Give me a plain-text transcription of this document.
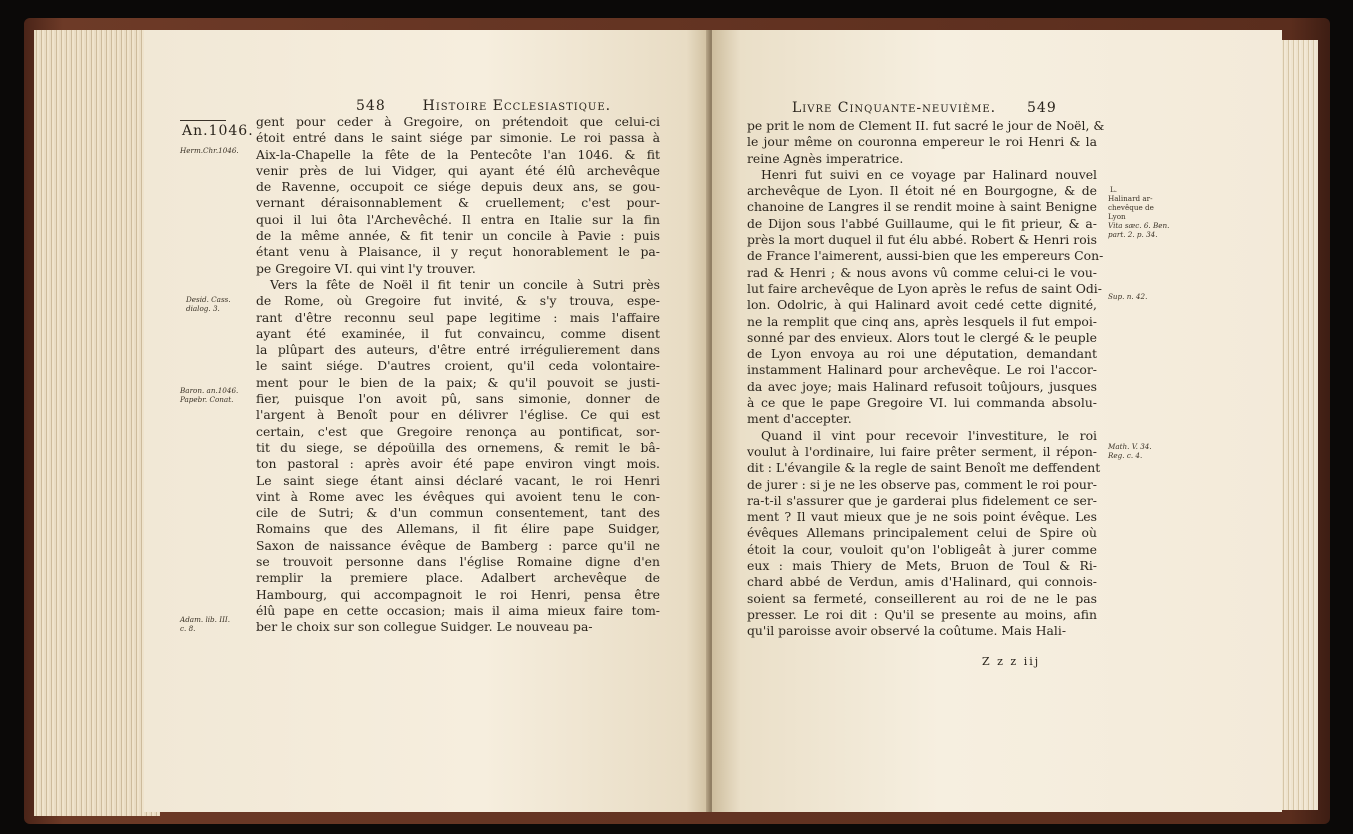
548	Histoire Ecclesiastique.
An.1046.
Herm.Chr.1046.
Desid. Cass.
dialog. 3.
Baron. an.1046.
Papebr. Conat.
Adam. lib. III.
c. 8.
gent pour ceder à Gregoire, on prétendoit que celui-ci
étoit entré dans le saint siége par simonie. Le roi passa à
Aix-la-Chapelle la fête de la Pentecôte l'an 1046. & fit
venir près de lui Vidger, qui ayant été élû archevêque
de Ravenne, occupoit ce siége depuis deux ans, se gou-
vernant déraisonnablement & cruellement; c'est pour-
quoi il lui ôta l'Archevêché. Il entra en Italie sur la fin
de la même année, & fit tenir un concile à Pavie : puis
étant venu à Plaisance, il y reçut honorablement le pa-
pe Gregoire VI. qui vint l'y trouver.
Vers la fête de Noël il fit tenir un concile à Sutri près
de Rome, où Gregoire fut invité, & s'y trouva, espe-
rant d'être reconnu seul pape legitime : mais l'affaire
ayant été examinée, il fut convaincu, comme disent
la plûpart des auteurs, d'être entré irrégulierement dans
le saint siége. D'autres croient, qu'il ceda volontaire-
ment pour le bien de la paix; & qu'il pouvoit se justi-
fier, puisque l'on avoit pû, sans simonie, donner de
l'argent à Benoît pour en délivrer l'église. Ce qui est
certain, c'est que Gregoire renonça au pontificat, sor-
tit du siege, se dépoüilla des ornemens, & remit le bâ-
ton pastoral : après avoir été pape environ vingt mois.
Le saint siege étant ainsi déclaré vacant, le roi Henri
vint à Rome avec les évêques qui avoient tenu le con-
cile de Sutri; & d'un commun consentement, tant des
Romains que des Allemans, il fit élire pape Suidger,
Saxon de naissance évêque de Bamberg : parce qu'il ne
se trouvoit personne dans l'église Romaine digne d'en
remplir la premiere place. Adalbert archevêque de
Hambourg, qui accompagnoit le roi Henri, pensa être
élû pape en cette occasion; mais il aima mieux faire tom-
ber le choix sur son collegue Suidger. Le nouveau pa-
Livre Cinquante-neuvième. 549
L.
Halinard ar-
chevêque de
Lyon
Vita sæc. 6. Ben.
part. 2. p. 34.
Sup. n. 42.
Math. V. 34.
Reg. c. 4.
pe prit le nom de Clement II. fut sacré le jour de Noël, &
le jour même on couronna empereur le roi Henri & la
reine Agnès imperatrice.
Henri fut suivi en ce voyage par Halinard nouvel
archevêque de Lyon. Il étoit né en Bourgogne, & de
chanoine de Langres il se rendit moine à saint Benigne
de Dijon sous l'abbé Guillaume, qui le fit prieur, & a-
près la mort duquel il fut élu abbé. Robert & Henri rois
de France l'aimerent, aussi-bien que les empereurs Con-
rad & Henri ; & nous avons vû comme celui-ci le vou-
lut faire archevêque de Lyon après le refus de saint Odi-
lon. Odolric, à qui Halinard avoit cedé cette dignité,
ne la remplit que cinq ans, après lesquels il fut empoi-
sonné par des envieux. Alors tout le clergé & le peuple
de Lyon envoya au roi une députation, demandant
instamment Halinard pour archevêque. Le roi l'accor-
da avec joye; mais Halinard refusoit toûjours, jusques
à ce que le pape Gregoire VI. lui commanda absolu-
ment d'accepter.
Quand il vint pour recevoir l'investiture, le roi
voulut à l'ordinaire, lui faire prêter serment, il répon-
dit : L'évangile & la regle de saint Benoît me deffendent
de jurer : si je ne les observe pas, comment le roi pour-
ra-t-il s'assurer que je garderai plus fidelement ce ser-
ment ? Il vaut mieux que je ne sois point évêque. Les
évêques Allemans principalement celui de Spire où
étoit la cour, vouloit qu'on l'obligeât à jurer comme
eux : mais Thiery de Mets, Bruon de Toul & Ri-
chard abbé de Verdun, amis d'Halinard, qui connois-
soient sa fermeté, conseillerent au roi de ne le pas
presser. Le roi dit : Qu'il se presente au moins, afin
qu'il paroisse avoir observé la coûtume. Mais Hali-
Z z z iij
